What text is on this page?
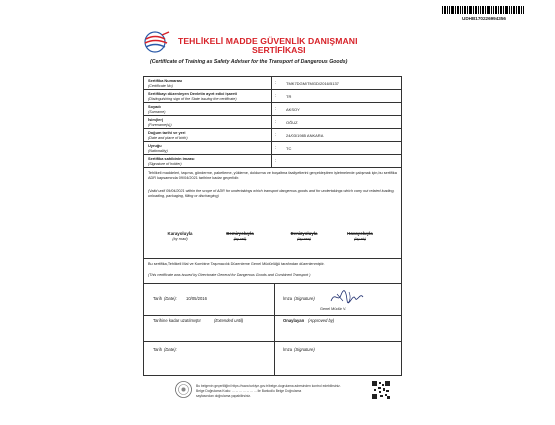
UDHB170226994356
TEHLİKELİ MADDE GÜVENLİK DANIŞMANI
SERTİFİKASI
(Certificate of Training as Safety Adviser for the Transport of Dangerous Goods)
Sertifika Numarası
(Certificate No)
: TMK7DGM/TMGD/2016/5137
Sertifikayı düzenleyen Devletin ayırt edici işareti
(Distinguishing sign of the State issuing the certificate)
: TR
Soyadı
(Surname)
: AKSOY
İsim(ler)
(Forename(s))
: OĞUZ
Doğum tarihi ve yeri
(Date and place of birth)
: 24/03/1985 ANKARA
Uyruğu
(Nationality)
: TC
Sertifika sahibinin imzası
(Signature of holder)
:
Tehlikeli maddeleri, taşıma, gönderme, paketleme, yükleme, doldurma ve boşaltma faaliyetlerini gerçekleştiren işletmelerde çalışmak için,bu sertifika ADR kapsamında 09/04/2021 tarihine kadar geçerlidir.
(Valid until 09/04/2021 within the scope of ADR for undertakings which transport dangerous goods and for undertakings which carry out related loading, unloading, packaging, filling or discharging)
Karayoluyla
(by road)
Demiryoluyla
(by rail)
Denizyoluyla
(by sea)
Havayoluyla
(by air)
Bu sertifika,Tehlikeli Mal ve Kombine Taşımacılık Düzenleme Genel Müdürlüğü tarafından düzenlenmiştir.
(This certificate was issued by Directorate General for Dangerous Goods and Combined Transport )
Tarih (Date): 10/05/2016	İmza (Signature)
Genel Müdür V.
Tarihine kadar uzatılmıştır	(Extended until)	Onaylayan (Approved by)
Tarih (Date):	İmza (Signature)
Bu belgenin geçerliliğini https://www.turkiye.gov.tr/belge-dogrulama adresinden kontrol edebilirsiniz.
Belge Doğrulama Kodu: ... ... ... ... ... ... ... ile Barkodlu Belge Doğrulama
sayfasından doğrulama yapabilirsiniz.
